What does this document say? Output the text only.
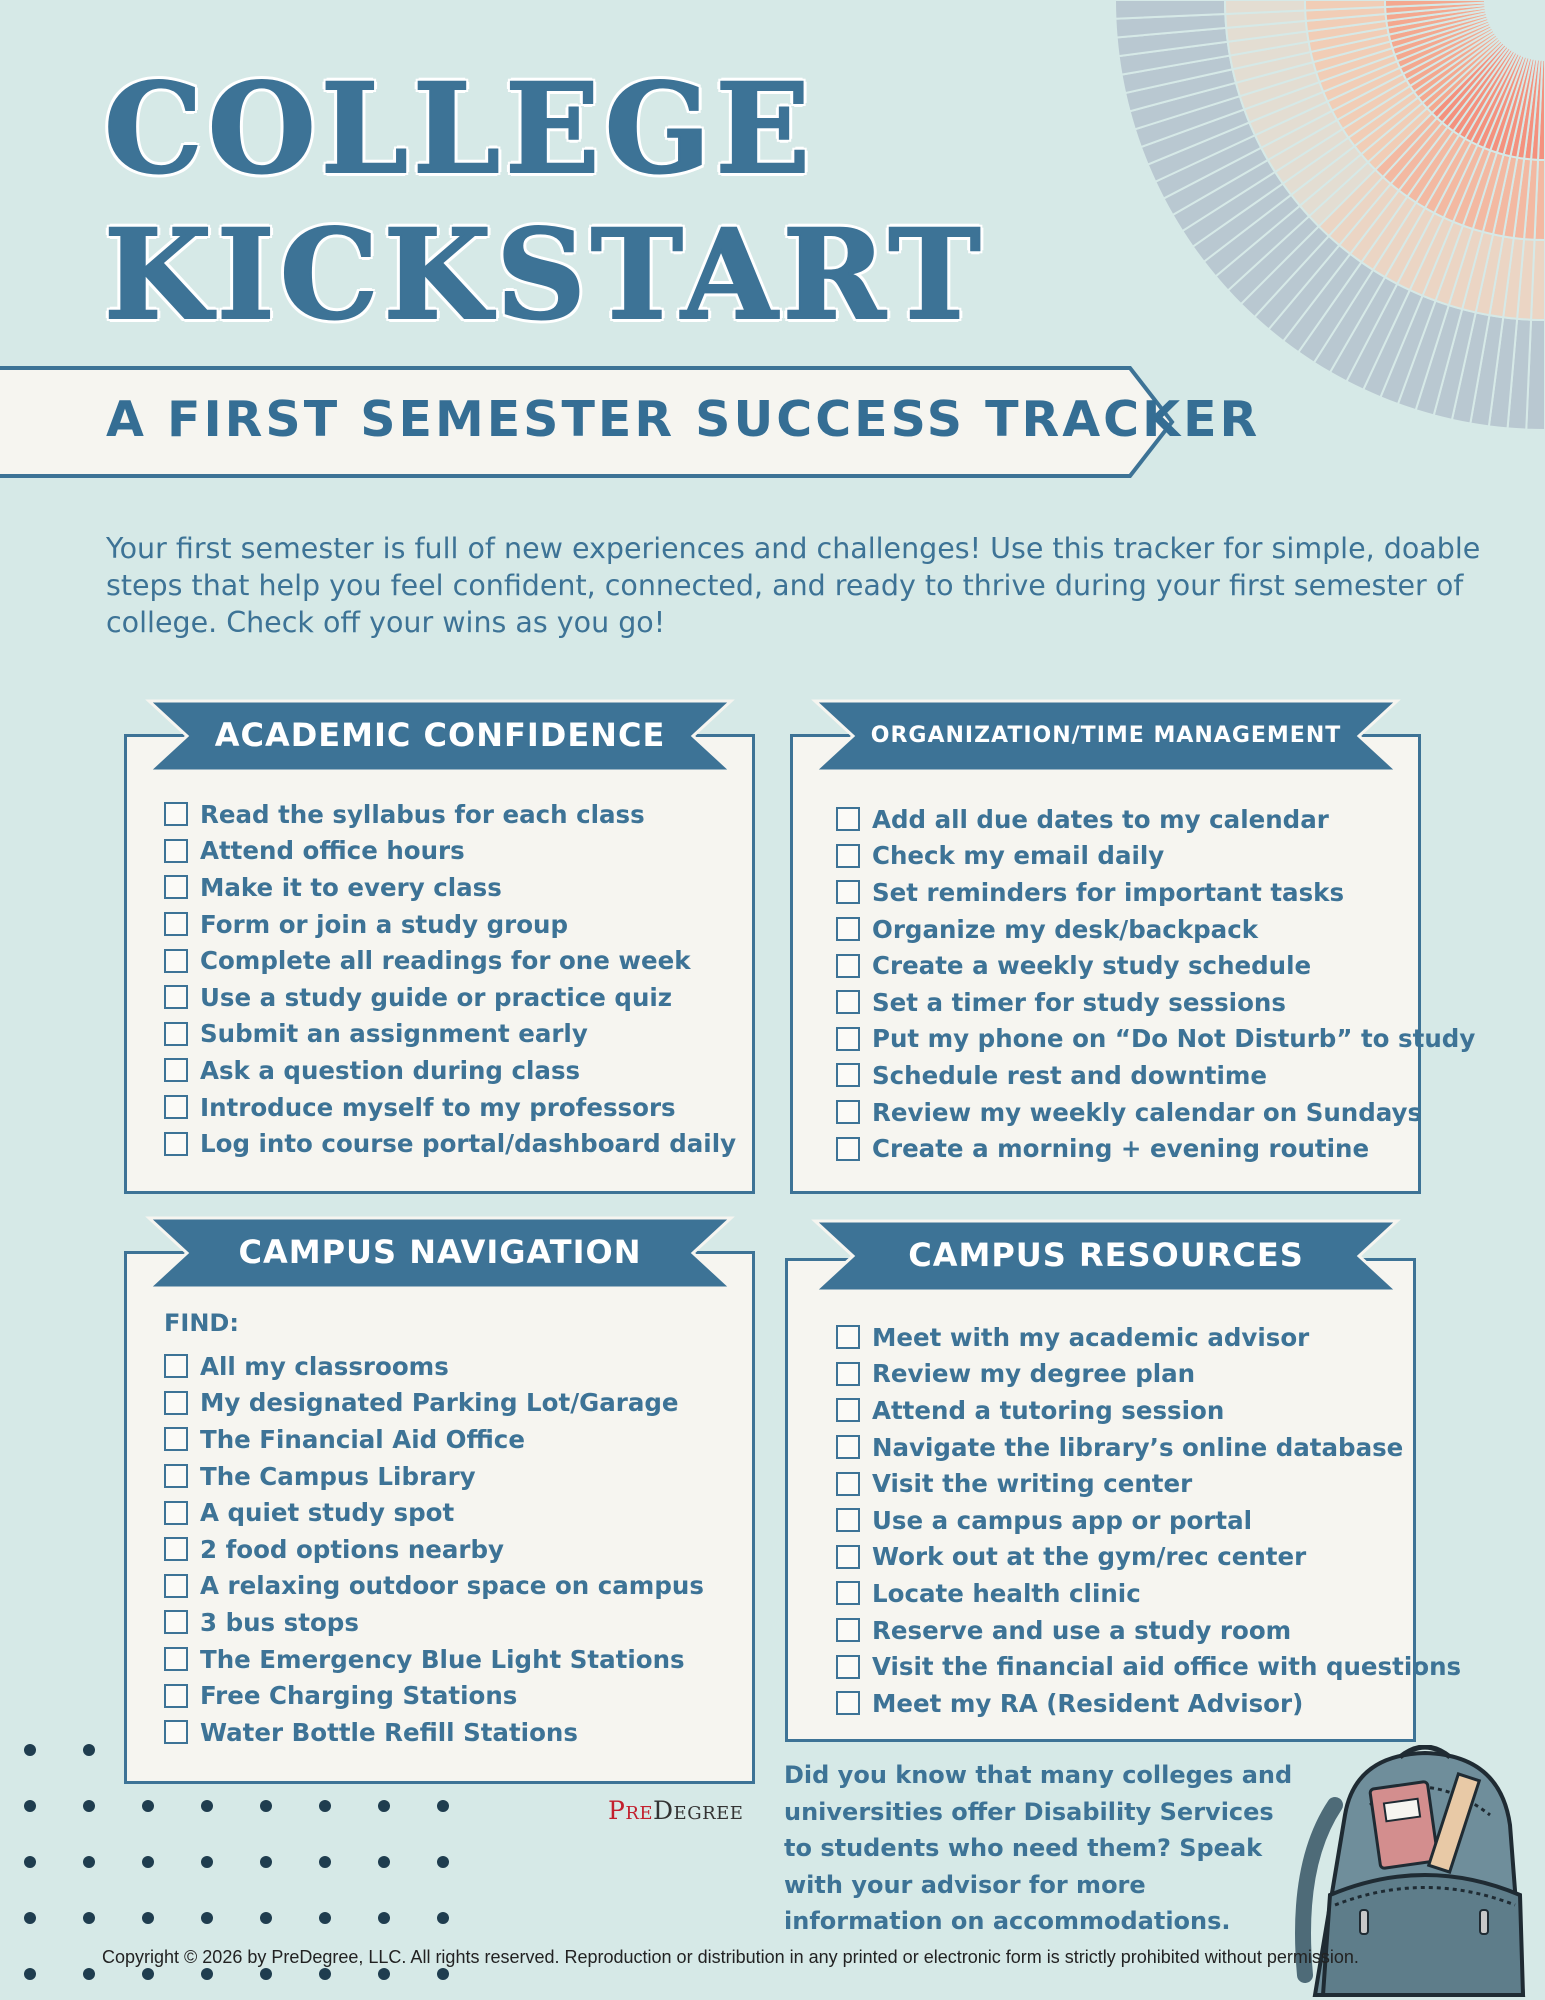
COLLEGE
KICKSTART
A FIRST SEMESTER SUCCESS TRACKER

Your first semester is full of new experiences and challenges! Use this tracker for simple, doable steps that help you feel confident, connected, and ready to thrive during your first semester of college. Check off your wins as you go!

ACADEMIC CONFIDENCE
Read the syllabus for each class
Attend office hours
Make it to every class
Form or join a study group
Complete all readings for one week
Use a study guide or practice quiz
Submit an assignment early
Ask a question during class
Introduce myself to my professors
Log into course portal/dashboard daily
ORGANIZATION/TIME MANAGEMENT
Add all due dates to my calendar
Check my email daily
Set reminders for important tasks
Organize my desk/backpack
Create a weekly study schedule
Set a timer for study sessions
Put my phone on “Do Not Disturb” to study
Schedule rest and downtime
Review my weekly calendar on Sundays
Create a morning + evening routine
CAMPUS NAVIGATION

FIND:

All my classrooms
My designated Parking Lot/Garage
The Financial Aid Office
The Campus Library
A quiet study spot
2 food options nearby
A relaxing outdoor space on campus
3 bus stops
The Emergency Blue Light Stations
Free Charging Stations
Water Bottle Refill Stations
CAMPUS RESOURCES
Meet with my academic advisor
Review my degree plan
Attend a tutoring session
Navigate the library’s online database
Visit the writing center
Use a campus app or portal
Work out at the gym/rec center
Locate health clinic
Reserve and use a study room
Visit the financial aid office with questions
Meet my RA (Resident Advisor)

Did you know that many colleges and universities offer Disability Services to students who need them? Speak with your advisor for more information on accommodations.

PreDegree

Copyright © 2026 by PreDegree, LLC. All rights reserved. Reproduction or distribution in any printed or electronic form is strictly prohibited without permission.
